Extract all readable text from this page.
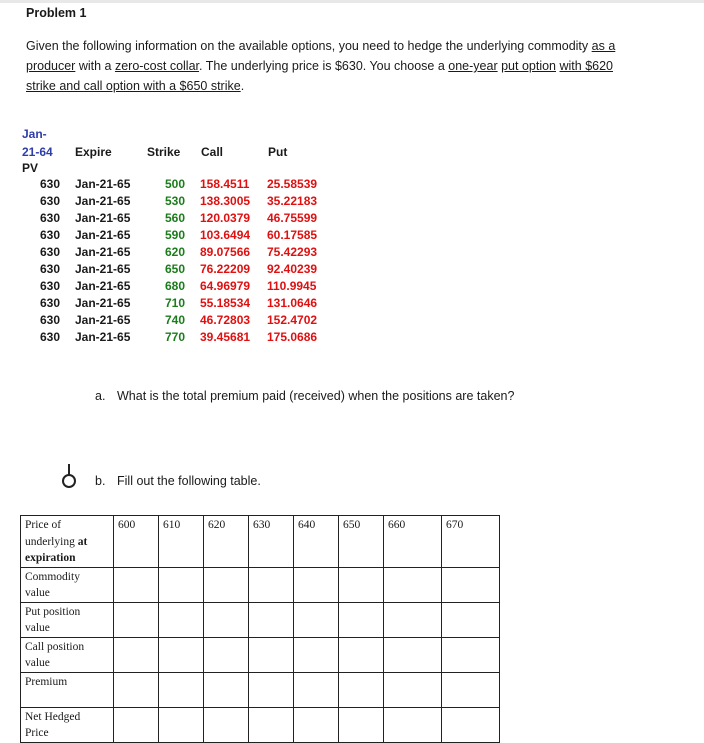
Problem 1
Given the following information on the available options, you need to hedge the underlying commodity as a producer with a zero-cost collar. The underlying price is $630. You choose a one-year put option with $620 strike and call option with a $650 strike.
Jan-
21-64
PV
Expire	Strike Call	Put
630 Jan-21-65	500 158.4511 25.58539
630 Jan-21-65	530 138.3005 35.22183
630 Jan-21-65	560 120.0379 46.75599
630 Jan-21-65	590 103.6494 60.17585
630 Jan-21-65	620 89.07566 75.42293
630 Jan-21-65	650 76.22209 92.40239
630 Jan-21-65	680 64.96979 110.9945
630 Jan-21-65	710 55.18534 131.0646
630 Jan-21-65	740 46.72803 152.4702
630 Jan-21-65	770 39.45681 175.0686
a. What is the total premium paid (received) when the positions are taken?
b. Fill out the following table.
Price of
underlying at
expiration	600	610	620	630	640	650	660	670
Commodity
value								
Put position
value								
Call position
value								
Premium

Net Hedged
Price								
